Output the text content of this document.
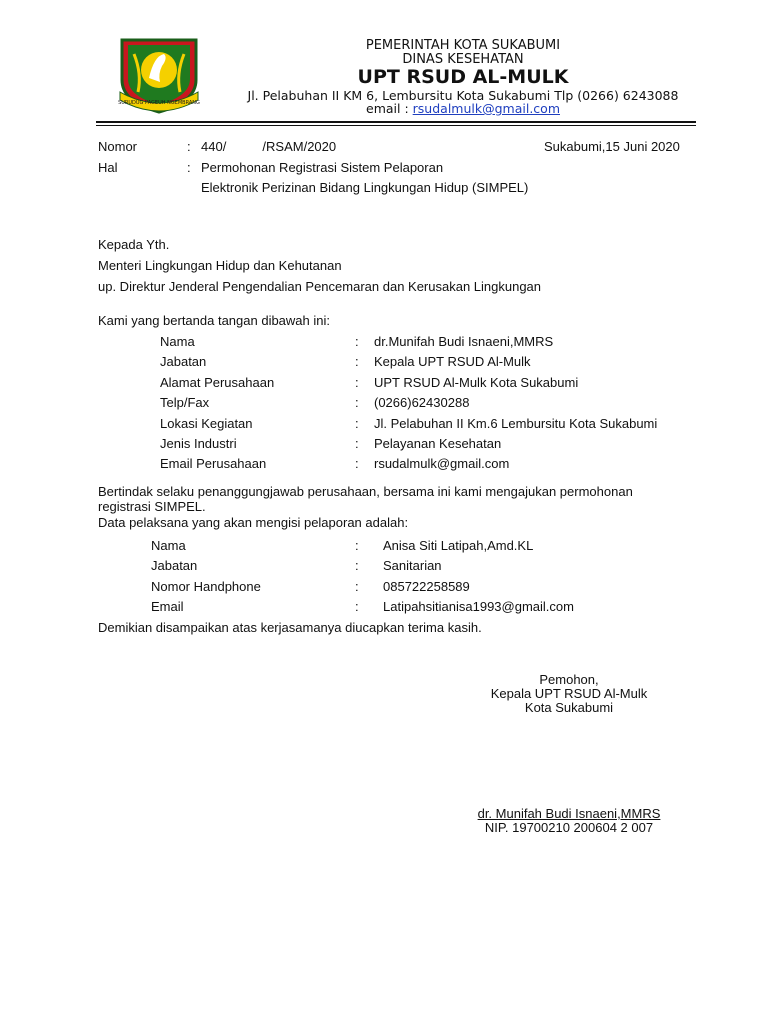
SURUDUG PAGEUH NGEMBRANG
PEMERINTAH KOTA SUKABUMI
DINAS KESEHATAN
UPT RSUD AL-MULK
Jl. Pelabuhan II KM 6, Lembursitu Kota Sukabumi Tlp (0266) 6243088
email : rsudalmulk@gmail.com
Nomor	: 440/          /RSAM/2020	Sukabumi,15 Juni 2020
Hal	: Permohonan Registrasi Sistem Pelaporan
Elektronik Perizinan Bidang Lingkungan Hidup (SIMPEL)
Kepada Yth.
Menteri Lingkungan Hidup dan Kehutanan
up. Direktur Jenderal Pengendalian Pencemaran dan Kerusakan Lingkungan
Kami yang bertanda tangan dibawah ini:
Nama	: dr.Munifah Budi Isnaeni,MMRS
Jabatan	: Kepala UPT RSUD Al-Mulk
Alamat Perusahaan	: UPT RSUD Al-Mulk Kota Sukabumi
Telp/Fax	: (0266)62430288
Lokasi Kegiatan	: Jl. Pelabuhan II Km.6 Lembursitu Kota Sukabumi
Jenis Industri	: Pelayanan Kesehatan
Email Perusahaan	: rsudalmulk@gmail.com
Bertindak selaku penanggungjawab perusahaan, bersama ini kami mengajukan permohonan
registrasi SIMPEL.
Data pelaksana yang akan mengisi pelaporan adalah:
Nama	: Anisa Siti Latipah,Amd.KL
Jabatan	: Sanitarian
Nomor Handphone	: 085722258589
Email	: Latipahsitianisa1993@gmail.com
Demikian disampaikan atas kerjasamanya diucapkan terima kasih.
Pemohon,
Kepala UPT RSUD Al-Mulk
Kota Sukabumi
dr. Munifah Budi Isnaeni,MMRS
NIP. 19700210 200604 2 007
